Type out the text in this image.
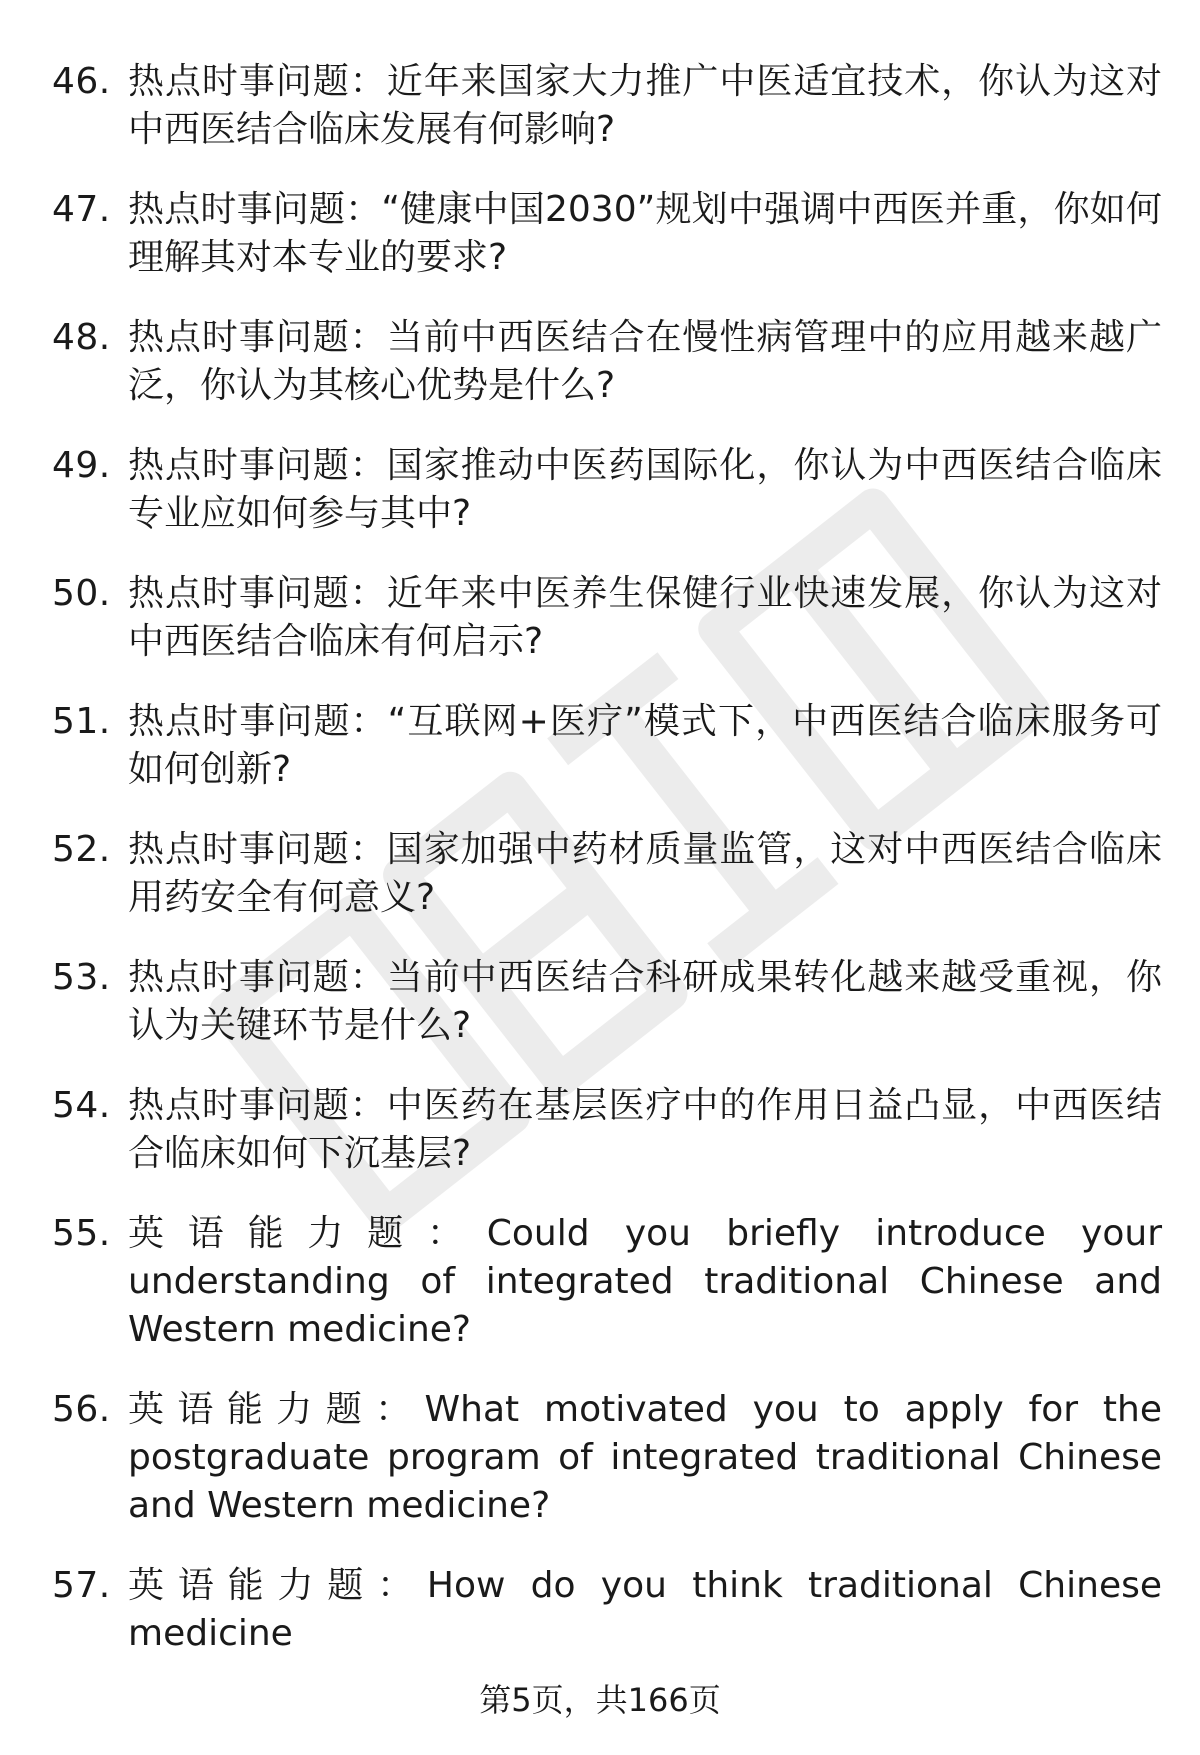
46. 热点时事问题：近年来国家大力推广中医适宜技术，你认为这对中西医结合临床发展有何影响?
47. 热点时事问题：“健康中国2030”规划中强调中西医并重，你如何理解其对本专业的要求?
48. 热点时事问题：当前中西医结合在慢性病管理中的应用越来越广泛，你认为其核心优势是什么?
49. 热点时事问题：国家推动中医药国际化，你认为中西医结合临床专业应如何参与其中?
50. 热点时事问题：近年来中医养生保健行业快速发展，你认为这对中西医结合临床有何启示?
51. 热点时事问题：“互联网+医疗”模式下，中西医结合临床服务可如何创新?
52. 热点时事问题：国家加强中药材质量监管，这对中西医结合临床用药安全有何意义?
53. 热点时事问题：当前中西医结合科研成果转化越来越受重视，你认为关键环节是什么?
54. 热点时事问题：中医药在基层医疗中的作用日益凸显，中西医结合临床如何下沉基层?
55. 英语能力题：Could you briefly introduce your understanding of integrated traditional Chinese and Western medicine?
56. 英语能力题：What motivated you to apply for the postgraduate program of integrated traditional Chinese and Western medicine?
57. 英语能力题：How do you think traditional Chinese medicine
第5页，共166页
